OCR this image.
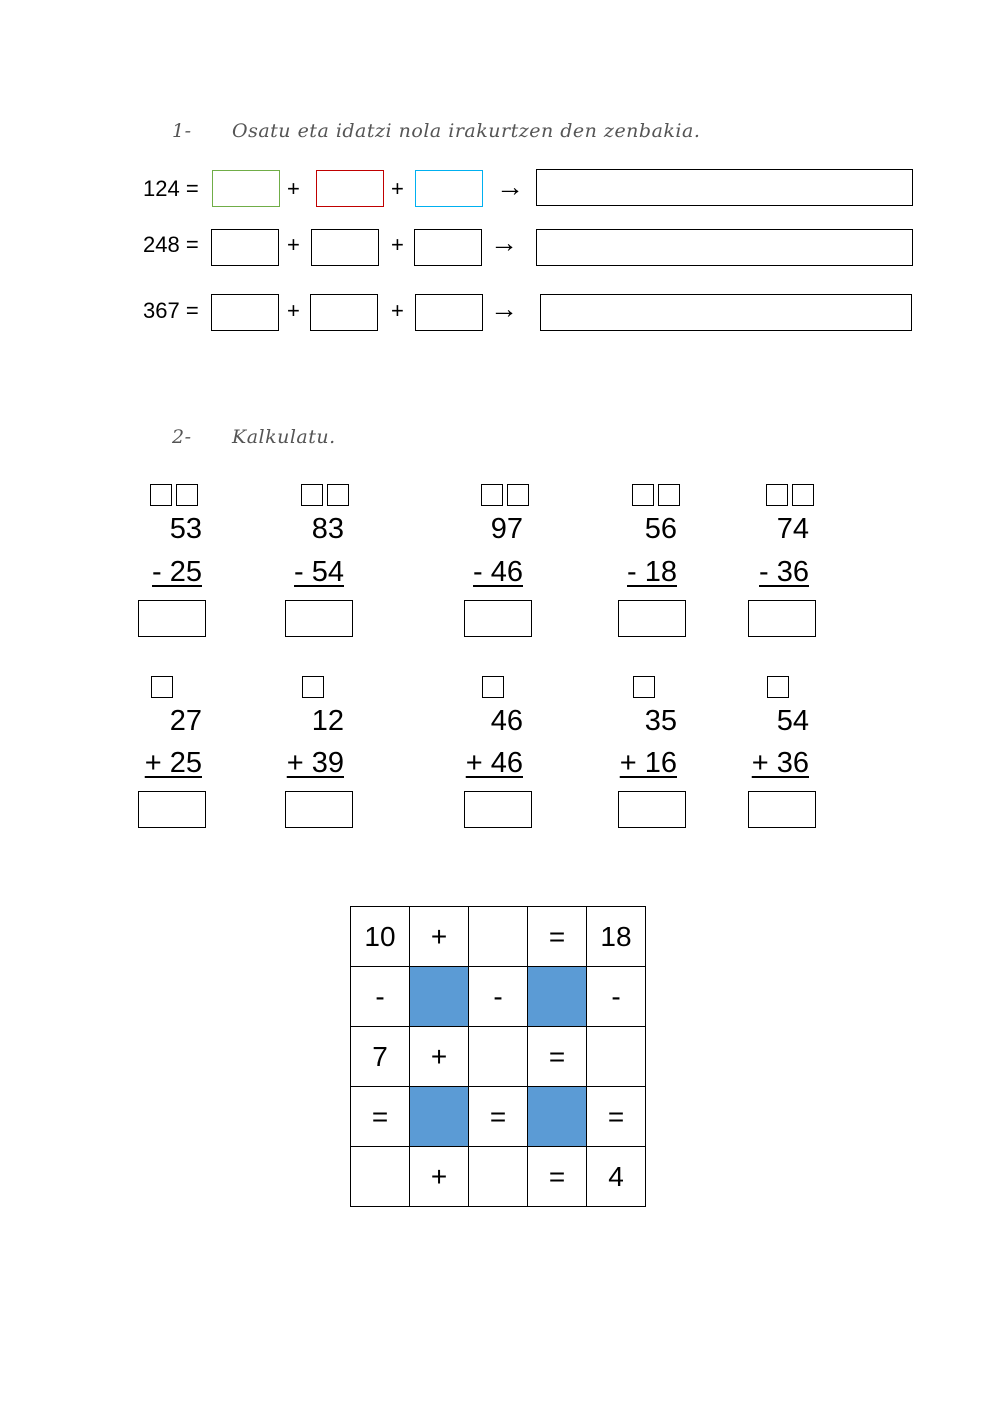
1- Osatu eta idatzi nola irakurtzen den zenbakia.
124 =	+	+	→
248 =	+	+	→
367 =	+	+	→
2- Kalkulatu.
53
- 25
83
- 54
97
- 46
56
- 18
74
- 36
27
+ 25
12
+ 39
46
+ 46
35
+ 16
54
+ 36
10	+		=	18
-		-		-
7	+		=	
=		=		=
	+		=	4
